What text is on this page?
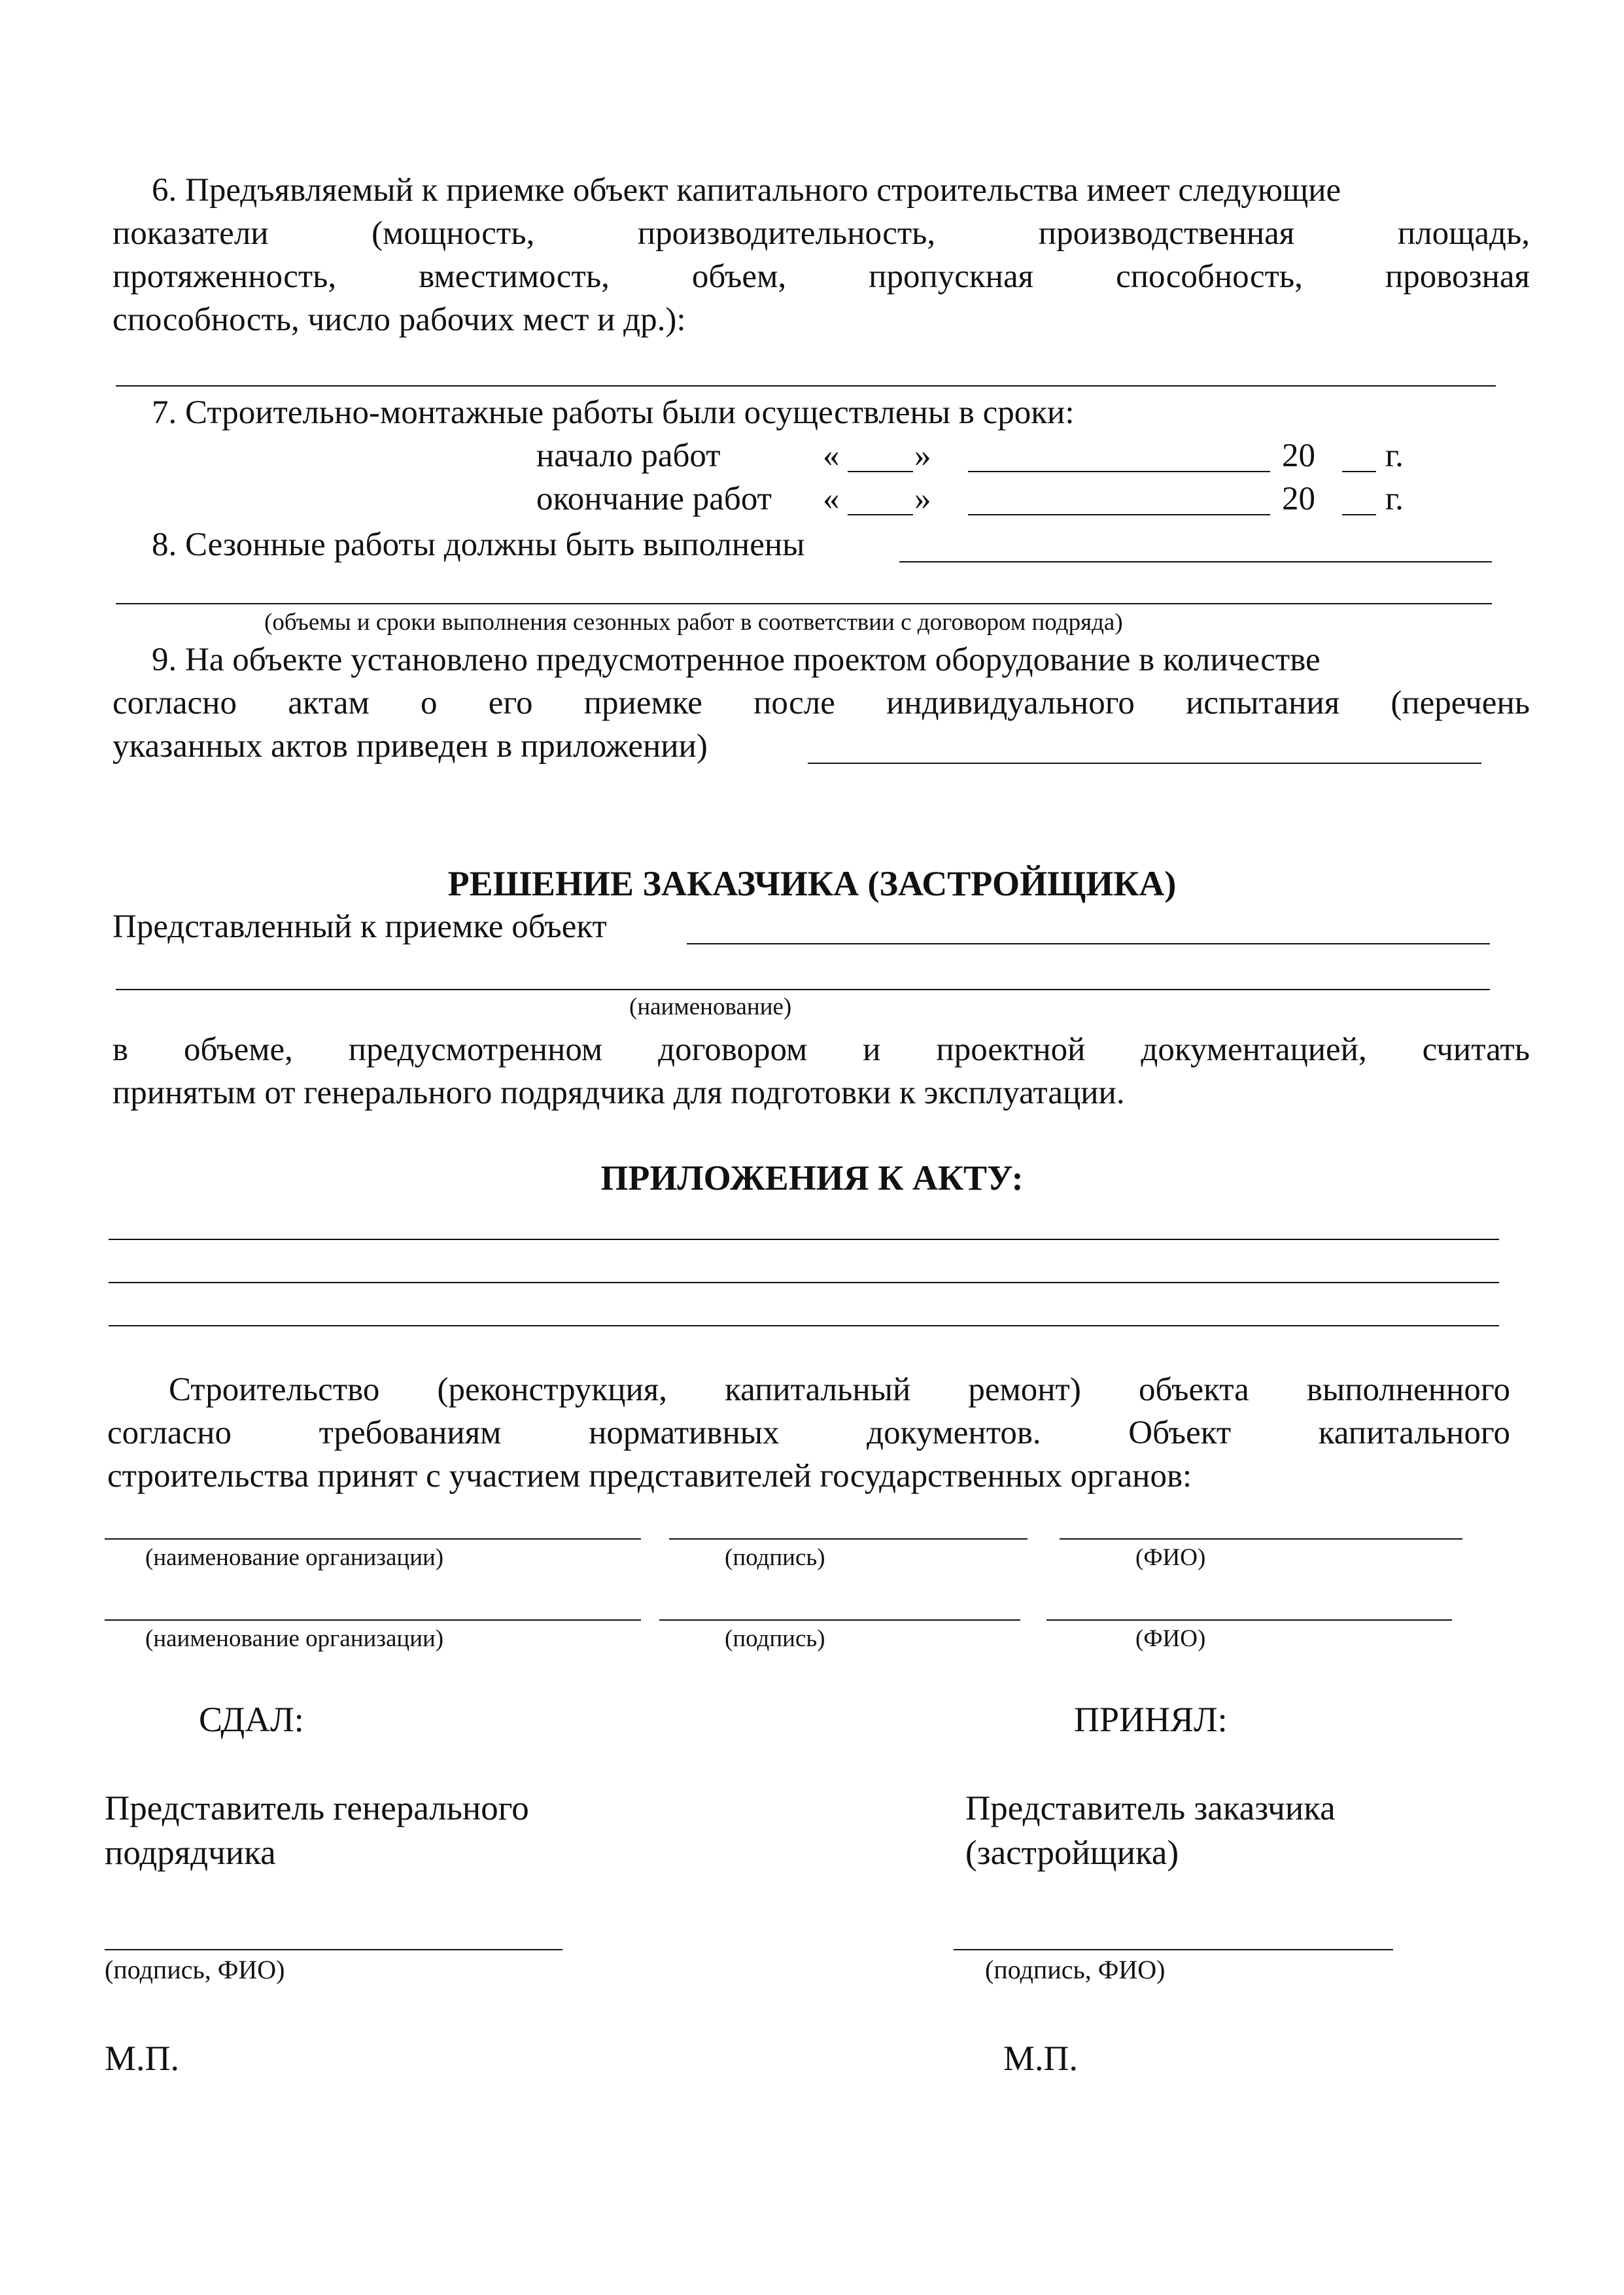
6. Предъявляемый к приемке объект капитального строительства имеет следующие
показатели (мощность, производительность, производственная площадь,
протяженность, вместимость, объем, пропускная способность, провозная
способность, число рабочих мест и др.):
7. Строительно-монтажные работы были осуществлены в сроки:
начало работ	« »	20 г.
окончание работ « »	20 г.
8. Сезонные работы должны быть выполнены
(объемы и сроки выполнения сезонных работ в соответствии с договором подряда)
9. На объекте установлено предусмотренное проектом оборудование в количестве
согласно актам о его приемке после индивидуального испытания (перечень
указанных актов приведен в приложении)
РЕШЕНИЕ ЗАКАЗЧИКА (ЗАСТРОЙЩИКА)
Представленный к приемке объект
(наименование)
в объеме, предусмотренном договором и проектной документацией, считать
принятым от генерального подрядчика для подготовки к эксплуатации.
ПРИЛОЖЕНИЯ К АКТУ:
Строительство (реконструкция, капитальный ремонт) объекта выполненного
согласно требованиям нормативных документов. Объект капитального
строительства принят с участием представителей государственных органов:
(наименование организации)	(подпись)	(ФИО)
(наименование организации)	(подпись)	(ФИО)
СДАЛ:
Представитель генерального
подрядчика
(подпись, ФИО)
М.П.
ПРИНЯЛ:
Представитель заказчика
(застройщика)
(подпись, ФИО)
М.П.
